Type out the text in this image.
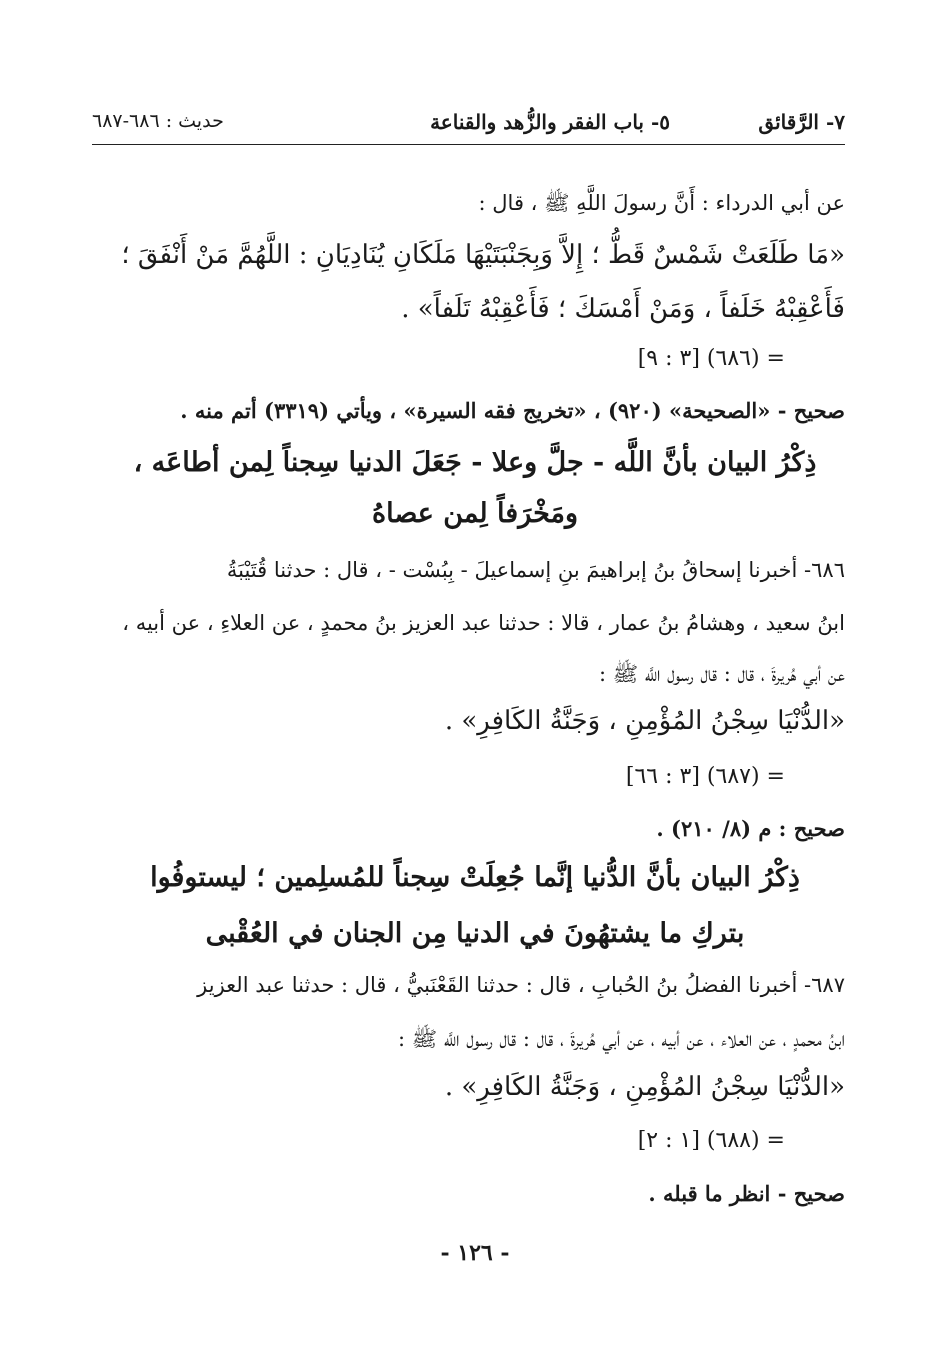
٧- الرَّقائق
٥- باب الفقر والزُّهد والقناعة
حديث : ٦٨٦-٦٨٧
عن أبي الدرداء : أَنَّ رسولَ اللَّهِ ﷺ ، قال :
«مَا طَلَعَتْ شَمْسٌ قَطُّ ؛ إِلاَّ وَبِجَنْبَتَيْهَا مَلَكَانِ يُنَادِيَانِ : اللَّهُمَّ مَنْ أَنْفَقَ ؛
فَأَعْقِبْهُ خَلَفاً ، وَمَنْ أَمْسَكَ ؛ فَأَعْقِبْهُ تَلَفاً» .
= (٦٨٦) [٣ : ٩]
صحيح - «الصحيحة» (٩٢٠) ، «تخريج فقه السيرة» ، ويأتي (٣٣١٩) أتم منه .
ذِكْرُ البيان بأنَّ اللَّه - جلَّ وعلا - جَعَلَ الدنيا سِجناً لِمن أطاعَه ،
ومَخْرَفاً لِمن عصاهُ
٦٨٦- أخبرنا إسحاقُ بنُ إبراهيمَ بنِ إسماعيلَ - بِبُسْت - ، قال : حدثنا قُتَيْبَةُ
ابنُ سعيد ، وهشامُ بنُ عمار ، قالا : حدثنا عبد العزيز بنُ محمدٍ ، عن العلاءِ ، عن أبيه ،
عن أبي هُريرةَ ، قال : قال رسول اللَّه ﷺ :
«الدُّنْيَا سِجْنُ المُؤْمِنِ ، وَجَنَّةُ الكَافِرِ» .
= (٦٨٧) [٣ : ٦٦]
صحيح : م (٨/ ٢١٠) .
ذِكْرُ البيان بأنَّ الدُّنيا إنَّما جُعِلَتْ سِجناً للمُسلِمين ؛ ليستوفُوا
بتركِ ما يشتهُونَ في الدنيا مِن الجنان في العُقْبى
٦٨٧- أخبرنا الفضلُ بنُ الحُبابِ ، قال : حدثنا القَعْنَبيُّ ، قال : حدثنا عبد العزيز
ابنُ محمدٍ ، عن العلاء ، عن أبيه ، عن أبي هُريرةَ ، قال : قال رسول اللَّه ﷺ :
«الدُّنْيَا سِجْنُ المُؤْمِنِ ، وَجَنَّةُ الكَافِرِ» .
= (٦٨٨) [١ : ٢]
صحيح - انظر ما قبله .
- ١٢٦ -
